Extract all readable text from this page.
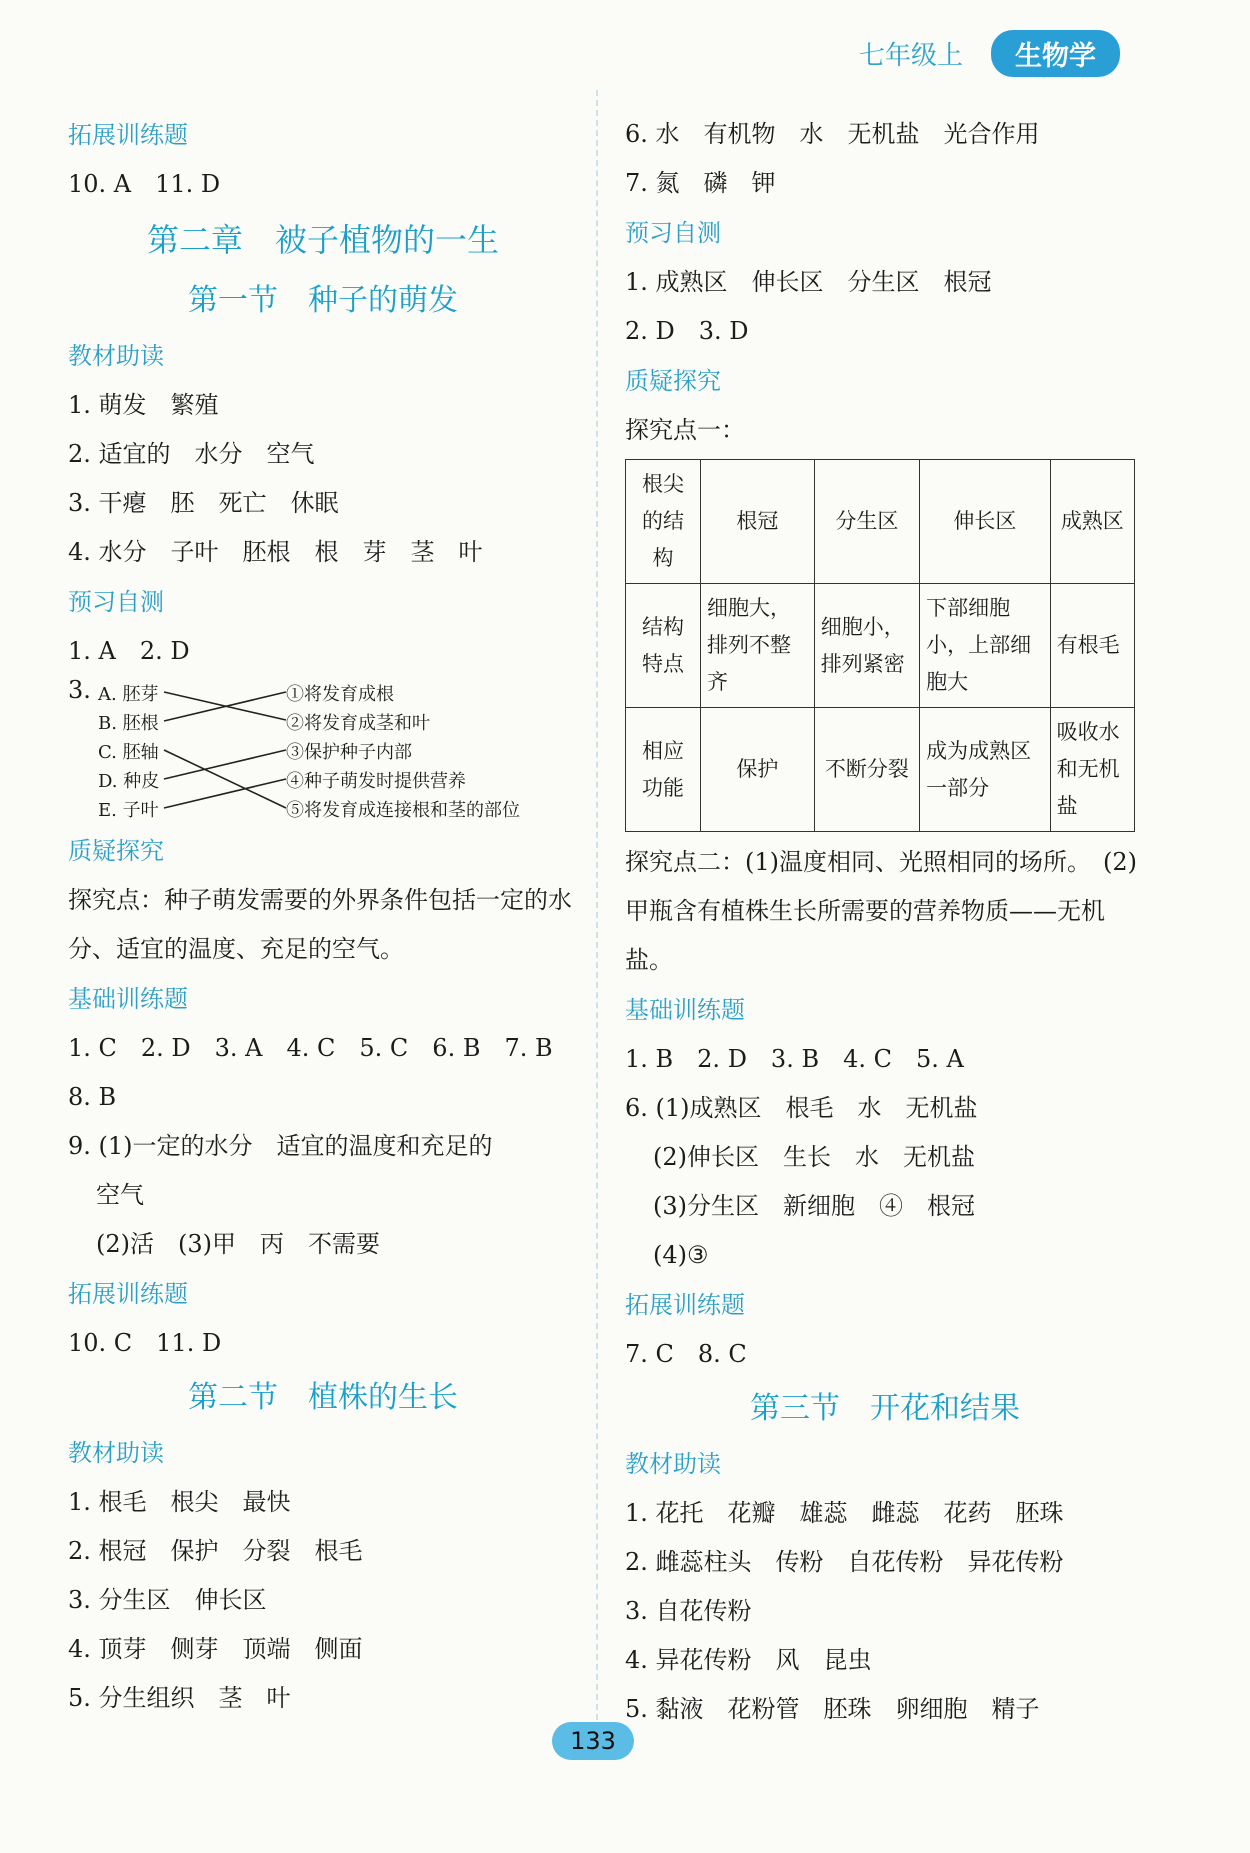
七年级上	生物学
拓展训练题
10. A　11. D
第二章　被子植物的一生
第一节　种子的萌发
教材助读
1. 萌发　繁殖
2. 适宜的　水分　空气
3. 干瘪　胚　死亡　休眠
4. 水分　子叶　胚根　根　芽　茎　叶
预习自测
1. A　2. D
3. A. 胚芽
B. 胚根
C. 胚轴
D. 种皮
E. 子叶
①将发育成根
②将发育成茎和叶
③保护种子内部
④种子萌发时提供营养
⑤将发育成连接根和茎的部位
质疑探究
探究点：种子萌发需要的外界条件包括一定的水分、适宜的温度、充足的空气。
基础训练题
1. C　2. D　3. A　4. C　5. C　6. B　7. B
8. B
9. (1)一定的水分　适宜的温度和充足的
空气
(2)活　(3)甲　丙　不需要
拓展训练题
10. C　11. D
第二节　植株的生长
教材助读
1. 根毛　根尖　最快
2. 根冠　保护　分裂　根毛
3. 分生区　伸长区
4. 顶芽　侧芽　顶端　侧面
5. 分生组织　茎　叶
6. 水　有机物　水　无机盐　光合作用
7. 氮　磷　钾
预习自测
1. 成熟区　伸长区　分生区　根冠
2. D　3. D
质疑探究
探究点一：
根尖的结构	根冠	分生区	伸长区	成熟区
结构特点	细胞大，排列不整齐	细胞小，排列紧密	下部细胞小，上部细胞大	有根毛
相应功能	保护	不断分裂	成为成熟区一部分	吸收水和无机盐
探究点二：(1)温度相同、光照相同的场所。　(2)甲瓶含有植株生长所需要的营养物质——无机盐。
基础训练题
1. B　2. D　3. B　4. C　5. A
6. (1)成熟区　根毛　水　无机盐
(2)伸长区　生长　水　无机盐
(3)分生区　新细胞　④　根冠
(4)③
拓展训练题
7. C　8. C
第三节　开花和结果
教材助读
1. 花托　花瓣　雄蕊　雌蕊　花药　胚珠
2. 雌蕊柱头　传粉　自花传粉　异花传粉
3. 自花传粉
4. 异花传粉　风　昆虫
5. 黏液　花粉管　胚珠　卵细胞　精子
133
